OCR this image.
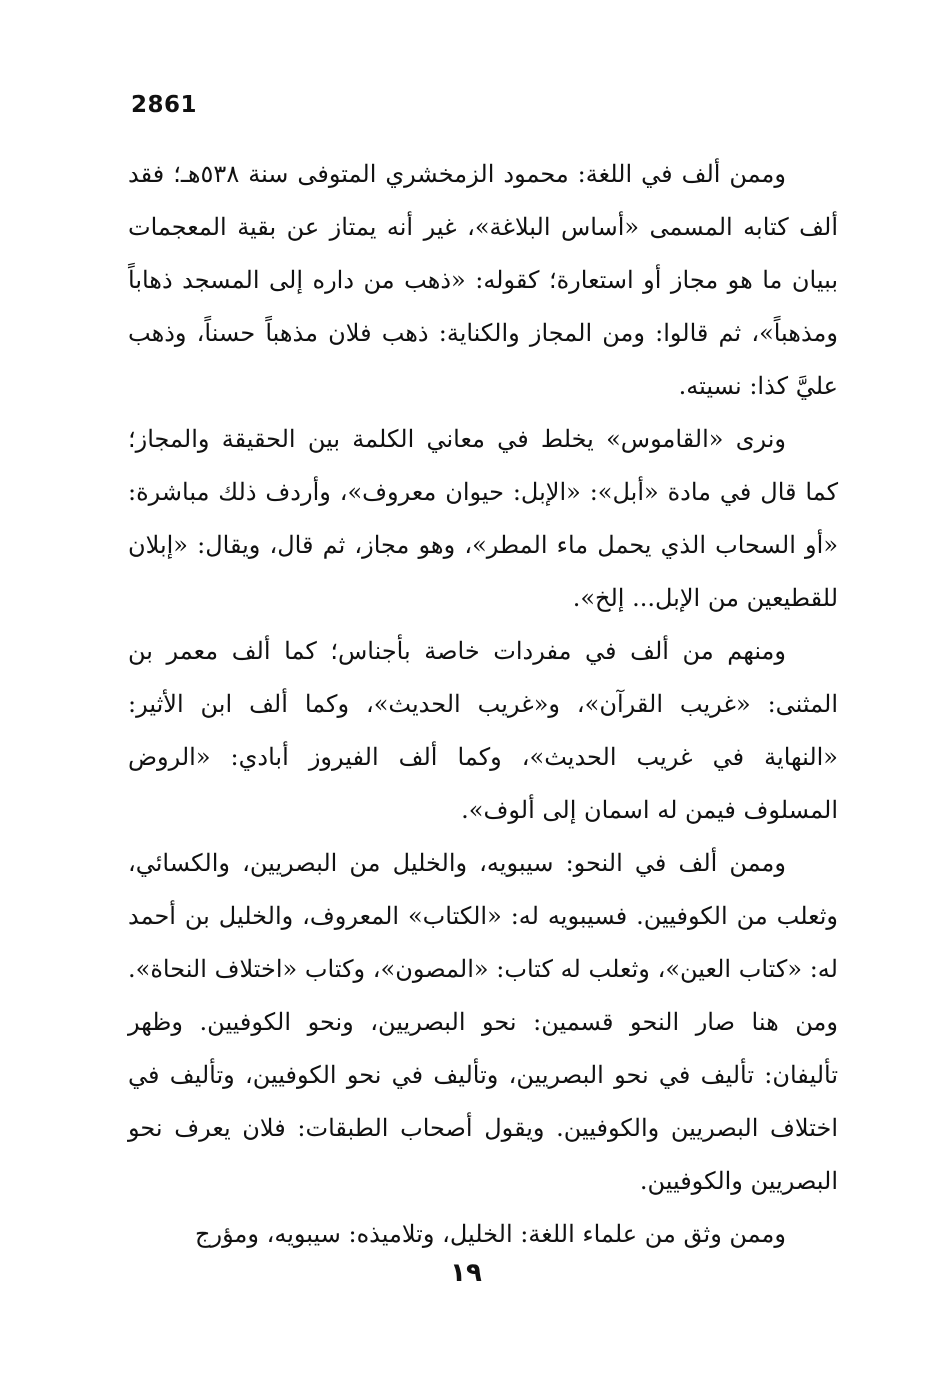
2861

وممن ألف في اللغة: محمود الزمخشري المتوفى سنة ٥٣٨هـ؛ فقد ألف كتابه المسمى «أساس البلاغة»، غير أنه يمتاز عن بقية المعجمات ببيان ما هو مجاز أو استعارة؛ كقوله: «ذهب من داره إلى المسجد ذهاباً ومذهباً»، ثم قالوا: ومن المجاز والكناية: ذهب فلان مذهباً حسناً، وذهب عليَّ كذا: نسيته.

ونرى «القاموس» يخلط في معاني الكلمة بين الحقيقة والمجاز؛ كما قال في مادة «أبل»: «الإبل: حيوان معروف»، وأردف ذلك مباشرة: «أو السحاب الذي يحمل ماء المطر»، وهو مجاز، ثم قال، ويقال: «إبلان للقطيعين من الإبل... إلخ».

ومنهم من ألف في مفردات خاصة بأجناس؛ كما ألف معمر بن المثنى: «غريب القرآن»، و«غريب الحديث»، وكما ألف ابن الأثير: «النهاية في غريب الحديث»، وكما ألف الفيروز أبادي: «الروض المسلوف فيمن له اسمان إلى ألوف».

وممن ألف في النحو: سيبويه، والخليل من البصريين، والكسائي، وثعلب من الكوفيين. فسيبويه له: «الكتاب» المعروف، والخليل بن أحمد له: «كتاب العين»، وثعلب له كتاب: «المصون»، وكتاب «اختلاف النحاة». ومن هنا صار النحو قسمين: نحو البصريين، ونحو الكوفيين. وظهر تأليفان: تأليف في نحو البصريين، وتأليف في نحو الكوفيين، وتأليف في اختلاف البصريين والكوفيين. ويقول أصحاب الطبقات: فلان يعرف نحو البصريين والكوفيين.

وممن وثق من علماء اللغة: الخليل، وتلاميذه: سيبويه، ومؤرج

١٩
